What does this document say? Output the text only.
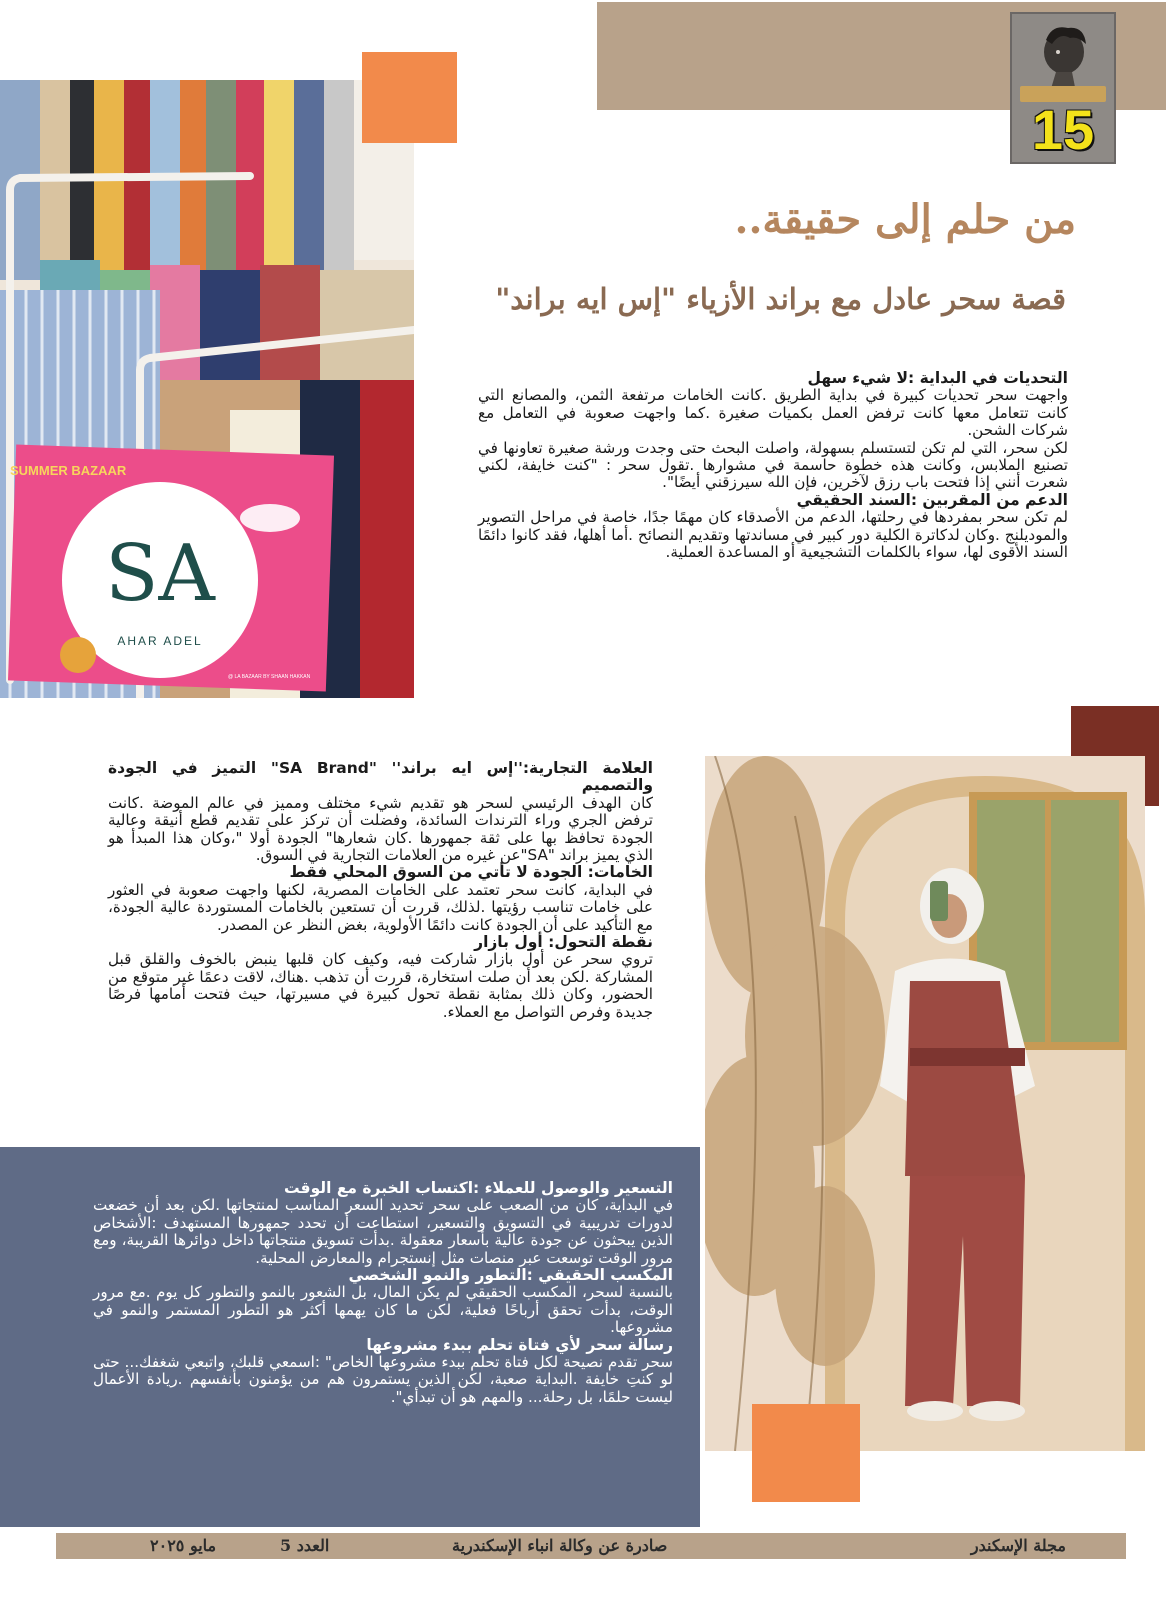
15
SUMMER BAZAAR
SA
AHAR ADEL
@ LA BAZAAR BY SHAAN HAKKAN
من حلم إلى حقيقة..
قصة سحر عادل مع براند الأزياء "إس ايه براند"
التحديات في البداية :لا شيء سهل

واجهت سحر تحديات كبيرة في بداية الطريق .كانت الخامات مرتفعة الثمن، والمصانع التي كانت تتعامل معها كانت ترفض العمل بكميات صغيرة .كما واجهت صعوبة في التعامل مع شركات الشحن.

لكن سحر، التي لم تكن لتستسلم بسهولة، واصلت البحث حتى وجدت ورشة صغيرة تعاونها في تصنيع الملابس، وكانت هذه خطوة حاسمة في مشوارها .تقول سحر : "كنت خايفة، لكني شعرت أنني إذا فتحت باب رزق لآخرين، فإن الله سيرزقني أيضًا".

الدعم من المقربين :السند الحقيقي

لم تكن سحر بمفردها في رحلتها، الدعم من الأصدقاء كان مهمًا جدًا، خاصة في مراحل التصوير والموديلنج .وكان لدكاترة الكلية دور كبير في مساندتها وتقديم النصائح .أما أهلها، فقد كانوا دائمًا السند الأقوى لها، سواء بالكلمات التشجيعية أو المساعدة العملية.

العلامة التجارية:''إس ايه براند'' "SA Brand" التميز في الجودة والتصميم

كان الهدف الرئيسي لسحر هو تقديم شيء مختلف ومميز في عالم الموضة .كانت ترفض الجري وراء الترندات السائدة، وفضلت أن تركز على تقديم قطع أنيقة وعالية الجودة تحافظ بها على ثقة جمهورها .كان شعارها" الجودة أولا "،وكان هذا المبدأ هو الذي يميز براند "SA"عن غيره من العلامات التجارية في السوق.

الخامات: الجودة لا تأتي من السوق المحلي فقط

في البداية، كانت سحر تعتمد على الخامات المصرية، لكنها واجهت صعوبة في العثور على خامات تناسب رؤيتها .لذلك، قررت أن تستعين بالخامات المستوردة عالية الجودة، مع التأكيد على أن الجودة كانت دائمًا الأولوية، بغض النظر عن المصدر.

نقطة التحول: أول بازار

تروي سحر عن أول بازار شاركت فيه، وكيف كان قلبها ينبض بالخوف والقلق قبل المشاركة .لكن بعد أن صلت استخارة، قررت أن تذهب .هناك، لاقت دعمًا غير متوقع من الحضور، وكان ذلك بمثابة نقطة تحول كبيرة في مسيرتها، حيث فتحت أمامها فرصًا جديدة وفرص التواصل مع العملاء.

التسعير والوصول للعملاء :اكتساب الخبرة مع الوقت

في البداية، كان من الصعب على سحر تحديد السعر المناسب لمنتجاتها .لكن بعد أن خضعت لدورات تدريبية في التسويق والتسعير، استطاعت أن تحدد جمهورها المستهدف :الأشخاص الذين يبحثون عن جودة عالية بأسعار معقولة .بدأت تسويق منتجاتها داخل دوائرها القريبة، ومع مرور الوقت توسعت عبر منصات مثل إنستجرام والمعارض المحلية.

المكسب الحقيقي :التطور والنمو الشخصي

بالنسبة لسحر، المكسب الحقيقي لم يكن المال، بل الشعور بالنمو والتطور كل يوم .مع مرور الوقت، بدأت تحقق أرباحًا فعلية، لكن ما كان يهمها أكثر هو التطور المستمر والنمو في مشروعها.

رسالة سحر لأي فتاة تحلم ببدء مشروعها

سحر تقدم نصيحة لكل فتاة تحلم ببدء مشروعها الخاص" :اسمعي قلبك، واتبعي شغفك... حتى لو كنتِ خايفة .البداية صعبة، لكن الذين يستمرون هم من يؤمنون بأنفسهم .ريادة الأعمال ليست حلمًا، بل رحلة... والمهم هو أن تبدأي".

مجلة الإسكندر
صادرة عن وكالة انباء الإسكندرية
العدد 5
مايو ٢٠٢٥
